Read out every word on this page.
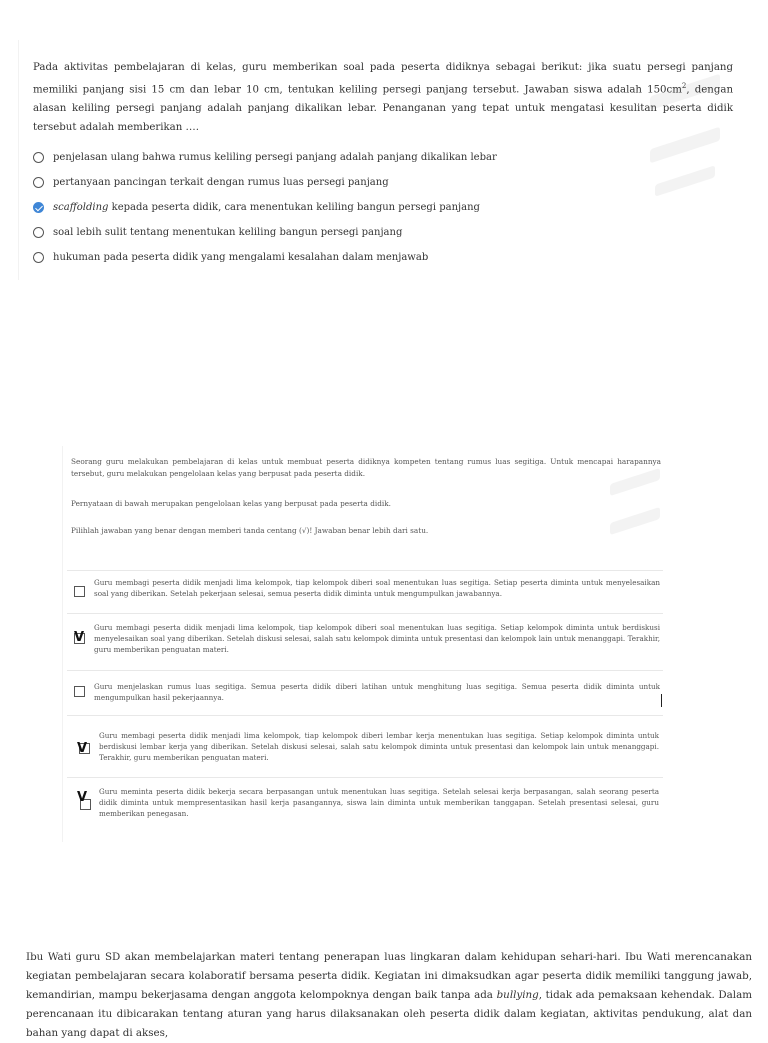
Pada aktivitas pembelajaran di kelas, guru memberikan soal pada peserta didiknya sebagai berikut: jika suatu persegi panjang memiliki panjang sisi 15 cm dan lebar 10 cm, tentukan keliling persegi panjang tersebut. Jawaban siswa adalah $150cm^2$, dengan alasan keliling persegi panjang adalah panjang dikalikan lebar. Penanganan yang tepat untuk mengatasi kesulitan peserta didik tersebut adalah memberikan ….
penjelasan ulang bahwa rumus keliling persegi panjang adalah panjang dikalikan lebar
pertanyaan pancingan terkait dengan rumus luas persegi panjang
scaffolding kepada peserta didik, cara menentukan keliling bangun persegi panjang
soal lebih sulit tentang menentukan keliling bangun persegi panjang
hukuman pada peserta didik yang mengalami kesalahan dalam menjawab
Seorang guru melakukan pembelajaran di kelas untuk membuat peserta didiknya kompeten tentang rumus luas segitiga. Untuk mencapai harapannya tersebut, guru melakukan pengelolaan kelas yang berpusat pada peserta didik.
Pernyataan di bawah merupakan pengelolaan kelas yang berpusat pada peserta didik.
Pilihlah jawaban yang benar dengan memberi tanda centang (√)! Jawaban benar lebih dari satu.
Guru membagi peserta didik menjadi lima kelompok, tiap kelompok diberi soal menentukan luas segitiga. Setiap peserta diminta untuk menyelesaikan soal yang diberikan. Setelah pekerjaan selesai, semua peserta didik diminta untuk mengumpulkan jawabannya.
V
Guru membagi peserta didik menjadi lima kelompok, tiap kelompok diberi soal menentukan luas segitiga. Setiap kelompok diminta untuk berdiskusi menyelesaikan soal yang diberikan. Setelah diskusi selesai, salah satu kelompok diminta untuk presentasi dan kelompok lain untuk menanggapi. Terakhir, guru memberikan penguatan materi.
Guru menjelaskan rumus luas segitiga. Semua peserta didik diberi latihan untuk menghitung luas segitiga. Semua peserta didik diminta untuk mengumpulkan hasil pekerjaannya.
V
Guru membagi peserta didik menjadi lima kelompok, tiap kelompok diberi lembar kerja menentukan luas segitiga. Setiap kelompok diminta untuk berdiskusi lembar kerja yang diberikan. Setelah diskusi selesai, salah satu kelompok diminta untuk presentasi dan kelompok lain untuk menanggapi. Terakhir, guru memberikan penguatan materi.
V Guru meminta peserta didik bekerja secara berpasangan untuk menentukan luas segitiga. Setelah selesai kerja berpasangan, salah seorang peserta didik diminta untuk mempresentasikan hasil kerja pasangannya, siswa lain diminta untuk memberikan tanggapan. Setelah presentasi selesai, guru memberikan penegasan.
Ibu Wati guru SD akan membelajarkan materi tentang penerapan luas lingkaran dalam kehidupan sehari-hari. Ibu Wati merencanakan kegiatan pembelajaran secara kolaboratif bersama peserta didik. Kegiatan ini dimaksudkan agar peserta didik memiliki tanggung jawab, kemandirian, mampu bekerjasama dengan anggota kelompoknya dengan baik tanpa ada bullying, tidak ada pemaksaan kehendak. Dalam perencanaan itu dibicarakan tentang aturan yang harus dilaksanakan oleh peserta didik dalam kegiatan, aktivitas pendukung, alat dan bahan yang dapat di akses,
